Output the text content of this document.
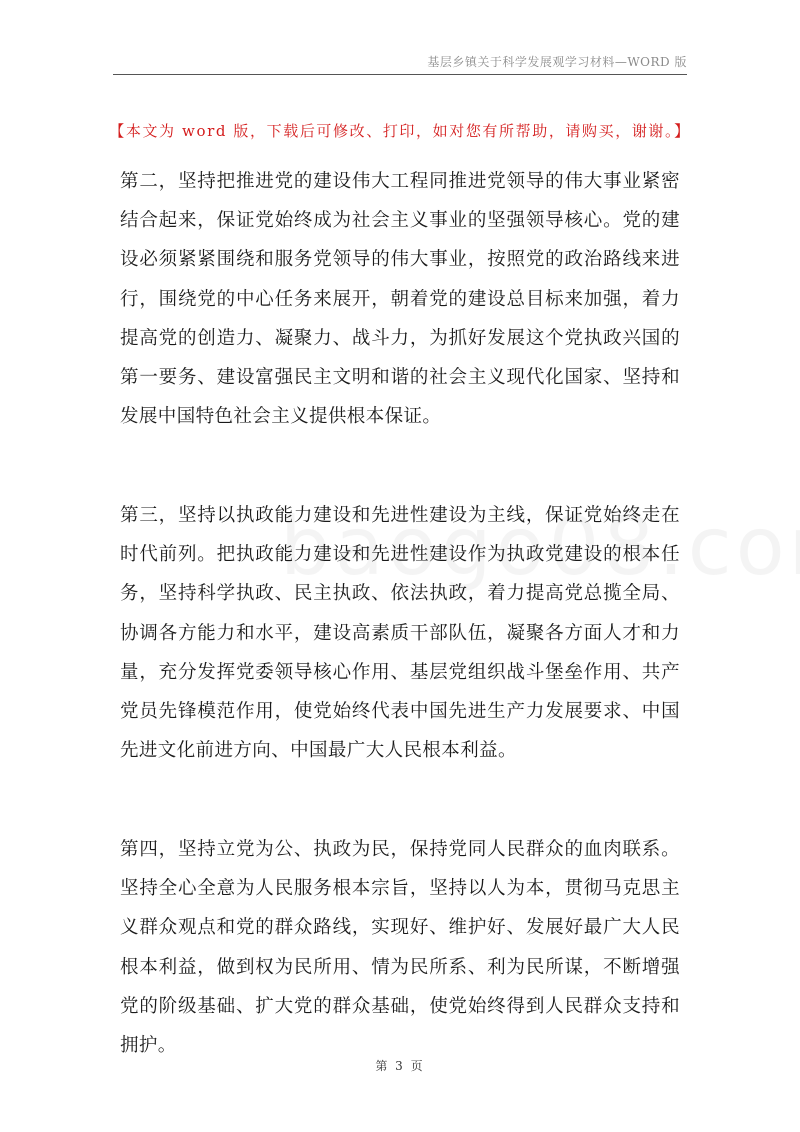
基层乡镇关于科学发展观学习材料—WORD 版
【本文为 word 版，下载后可修改、打印，如对您有所帮助，请购买，谢谢。】

第二，坚持把推进党的建设伟大工程同推进党领导的伟大事业紧密结合起来，保证党始终成为社会主义事业的坚强领导核心。党的建设必须紧紧围绕和服务党领导的伟大事业，按照党的政治路线来进行，围绕党的中心任务来展开，朝着党的建设总目标来加强，着力提高党的创造力、凝聚力、战斗力，为抓好发展这个党执政兴国的第一要务、建设富强民主文明和谐的社会主义现代化国家、坚持和发展中国特色社会主义提供根本保证。

第三，坚持以执政能力建设和先进性建设为主线，保证党始终走在时代前列。把执政能力建设和先进性建设作为执政党建设的根本任务，坚持科学执政、民主执政、依法执政，着力提高党总揽全局、协调各方能力和水平，建设高素质干部队伍，凝聚各方面人才和力量，充分发挥党委领导核心作用、基层党组织战斗堡垒作用、共产党员先锋模范作用，使党始终代表中国先进生产力发展要求、中国先进文化前进方向、中国最广大人民根本利益。

第四，坚持立党为公、执政为民，保持党同人民群众的血肉联系。坚持全心全意为人民服务根本宗旨，坚持以人为本，贯彻马克思主义群众观点和党的群众路线，实现好、维护好、发展好最广大人民根本利益，做到权为民所用、情为民所系、利为民所谋，不断增强党的阶级基础、扩大党的群众基础，使党始终得到人民群众支持和拥护。

第 3 页
